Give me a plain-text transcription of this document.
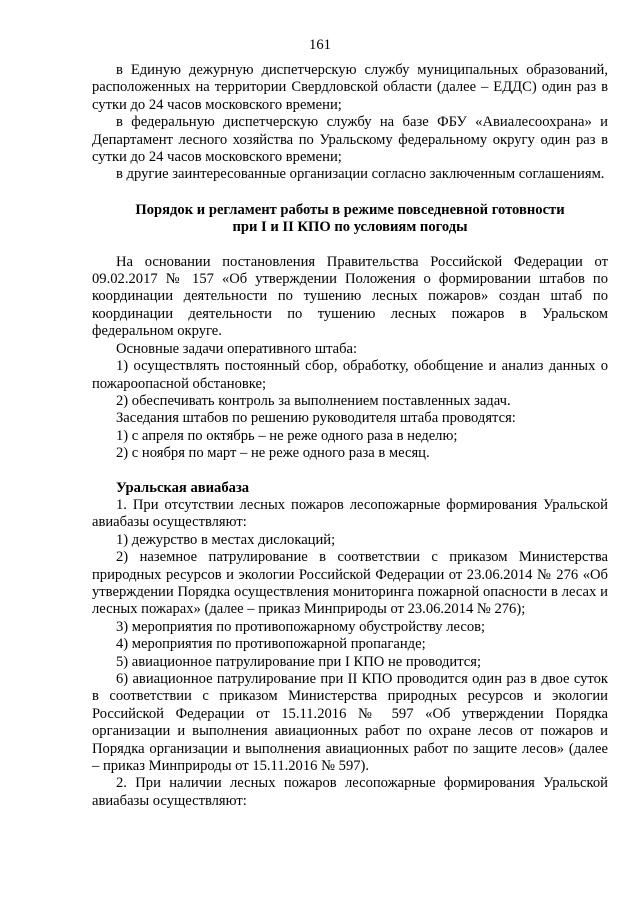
161

в Единую дежурную диспетчерскую службу муниципальных образований, расположенных на территории Свердловской области (далее – ЕДДС) один раз в сутки до 24 часов московского времени;

в федеральную диспетчерскую службу на базе ФБУ «Авиалесоохрана» и Департамент лесного хозяйства по Уральскому федеральному округу один раз в сутки до 24 часов московского времени;

в другие заинтересованные организации согласно заключенным соглашениям.

Порядок и регламент работы в режиме повседневной готовности

при I и II КПО по условиям погоды

На основании постановления Правительства Российской Федерации от 09.02.2017 № 157 «Об утверждении Положения о формировании штабов по координации деятельности по тушению лесных пожаров» создан штаб по координации деятельности по тушению лесных пожаров в Уральском федеральном округе.

Основные задачи оперативного штаба:

1) осуществлять постоянный сбор, обработку, обобщение и анализ данных о пожароопасной обстановке;

2) обеспечивать контроль за выполнением поставленных задач.

Заседания штабов по решению руководителя штаба проводятся:

1) с апреля по октябрь – не реже одного раза в неделю;

2) с ноября по март – не реже одного раза в месяц.

Уральская авиабаза

1. При отсутствии лесных пожаров лесопожарные формирования Уральской авиабазы осуществляют:

1) дежурство в местах дислокаций;

2) наземное патрулирование в соответствии с приказом Министерства природных ресурсов и экологии Российской Федерации от 23.06.2014 № 276 «Об утверждении Порядка осуществления мониторинга пожарной опасности в лесах и лесных пожарах» (далее – приказ Минприроды от 23.06.2014 № 276);

3) мероприятия по противопожарному обустройству лесов;

4) мероприятия по противопожарной пропаганде;

5) авиационное патрулирование при I КПО не проводится;

6) авиационное патрулирование при II КПО проводится один раз в двое суток в соответствии с приказом Министерства природных ресурсов и экологии Российской Федерации от 15.11.2016 № 597 «Об утверждении Порядка организации и выполнения авиационных работ по охране лесов от пожаров и Порядка организации и выполнения авиационных работ по защите лесов» (далее – приказ Минприроды от 15.11.2016 № 597).

2. При наличии лесных пожаров лесопожарные формирования Уральской авиабазы осуществляют:
